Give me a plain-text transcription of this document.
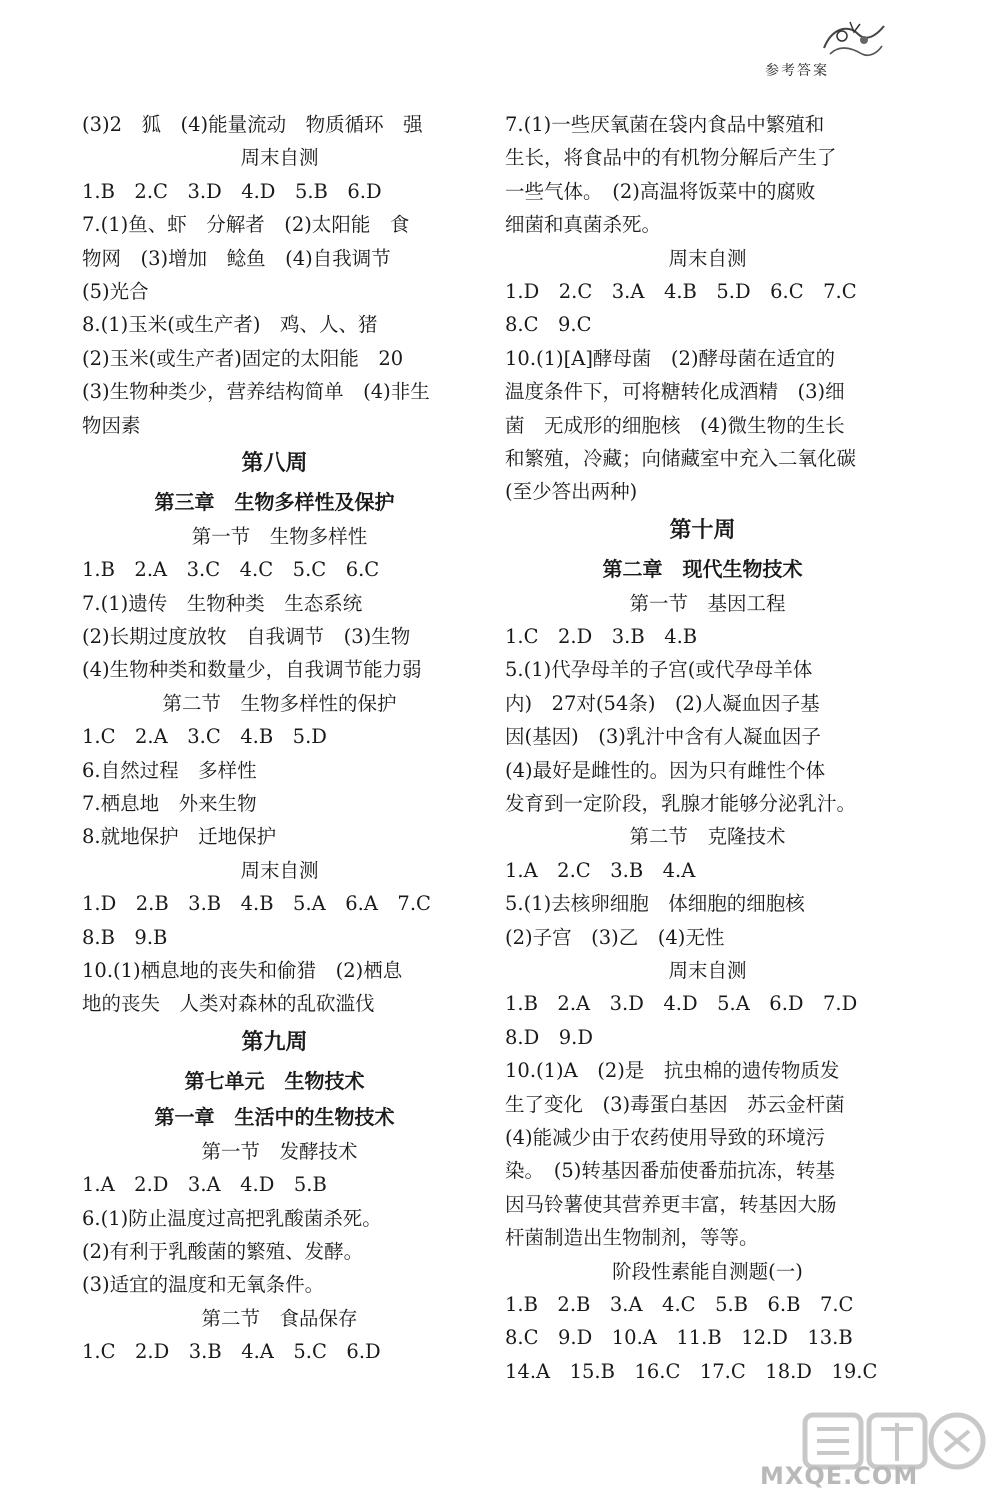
参考答案
(3)2　狐　(4)能量流动　物质循环　强
周末自测
1.B　2.C　3.D　4.D　5.B　6.D
7.(1)鱼、虾　分解者　(2)太阳能　食
物网　(3)增加　鲶鱼　(4)自我调节
(5)光合
8.(1)玉米(或生产者)　鸡、人、猪
(2)玉米(或生产者)固定的太阳能　20
(3)生物种类少，营养结构简单　(4)非生
物因素
第八周
第三章　生物多样性及保护
第一节　生物多样性
1.B　2.A　3.C　4.C　5.C　6.C
7.(1)遗传　生物种类　生态系统
(2)长期过度放牧　自我调节　(3)生物
(4)生物种类和数量少，自我调节能力弱
第二节　生物多样性的保护
1.C　2.A　3.C　4.B　5.D
6.自然过程　多样性
7.栖息地　外来生物
8.就地保护　迁地保护
周末自测
1.D　2.B　3.B　4.B　5.A　6.A　7.C
8.B　9.B
10.(1)栖息地的丧失和偷猎　(2)栖息
地的丧失　人类对森林的乱砍滥伐
第九周
第七单元　生物技术
第一章　生活中的生物技术
第一节　发酵技术
1.A　2.D　3.A　4.D　5.B
6.(1)防止温度过高把乳酸菌杀死。
(2)有利于乳酸菌的繁殖、发酵。
(3)适宜的温度和无氧条件。
第二节　食品保存
1.C　2.D　3.B　4.A　5.C　6.D
7.(1)一些厌氧菌在袋内食品中繁殖和
生长，将食品中的有机物分解后产生了
一些气体。　(2)高温将饭菜中的腐败
细菌和真菌杀死。
周末自测
1.D　2.C　3.A　4.B　5.D　6.C　7.C
8.C　9.C
10.(1)[A]酵母菌　(2)酵母菌在适宜的
温度条件下，可将糖转化成酒精　(3)细
菌　无成形的细胞核　(4)微生物的生长
和繁殖，冷藏；向储藏室中充入二氧化碳
(至少答出两种)
第十周
第二章　现代生物技术
第一节　基因工程
1.C　2.D　3.B　4.B
5.(1)代孕母羊的子宫(或代孕母羊体
内)　27对(54条)　(2)人凝血因子基
因(基因)　(3)乳汁中含有人凝血因子
(4)最好是雌性的。因为只有雌性个体
发育到一定阶段，乳腺才能够分泌乳汁。
第二节　克隆技术
1.A　2.C　3.B　4.A
5.(1)去核卵细胞　体细胞的细胞核
(2)子宫　(3)乙　(4)无性
周末自测
1.B　2.A　3.D　4.D　5.A　6.D　7.D
8.D　9.D
10.(1)A　(2)是　抗虫棉的遗传物质发
生了变化　(3)毒蛋白基因　苏云金杆菌
(4)能减少由于农药使用导致的环境污
染。　(5)转基因番茄使番茄抗冻，转基
因马铃薯使其营养更丰富，转基因大肠
杆菌制造出生物制剂，等等。
阶段性素能自测题(一)
1.B　2.B　3.A　4.C　5.B　6.B　7.C
8.C　9.D　10.A　11.B　12.D　13.B
14.A　15.B　16.C　17.C　18.D　19.C
MXQE.COM
